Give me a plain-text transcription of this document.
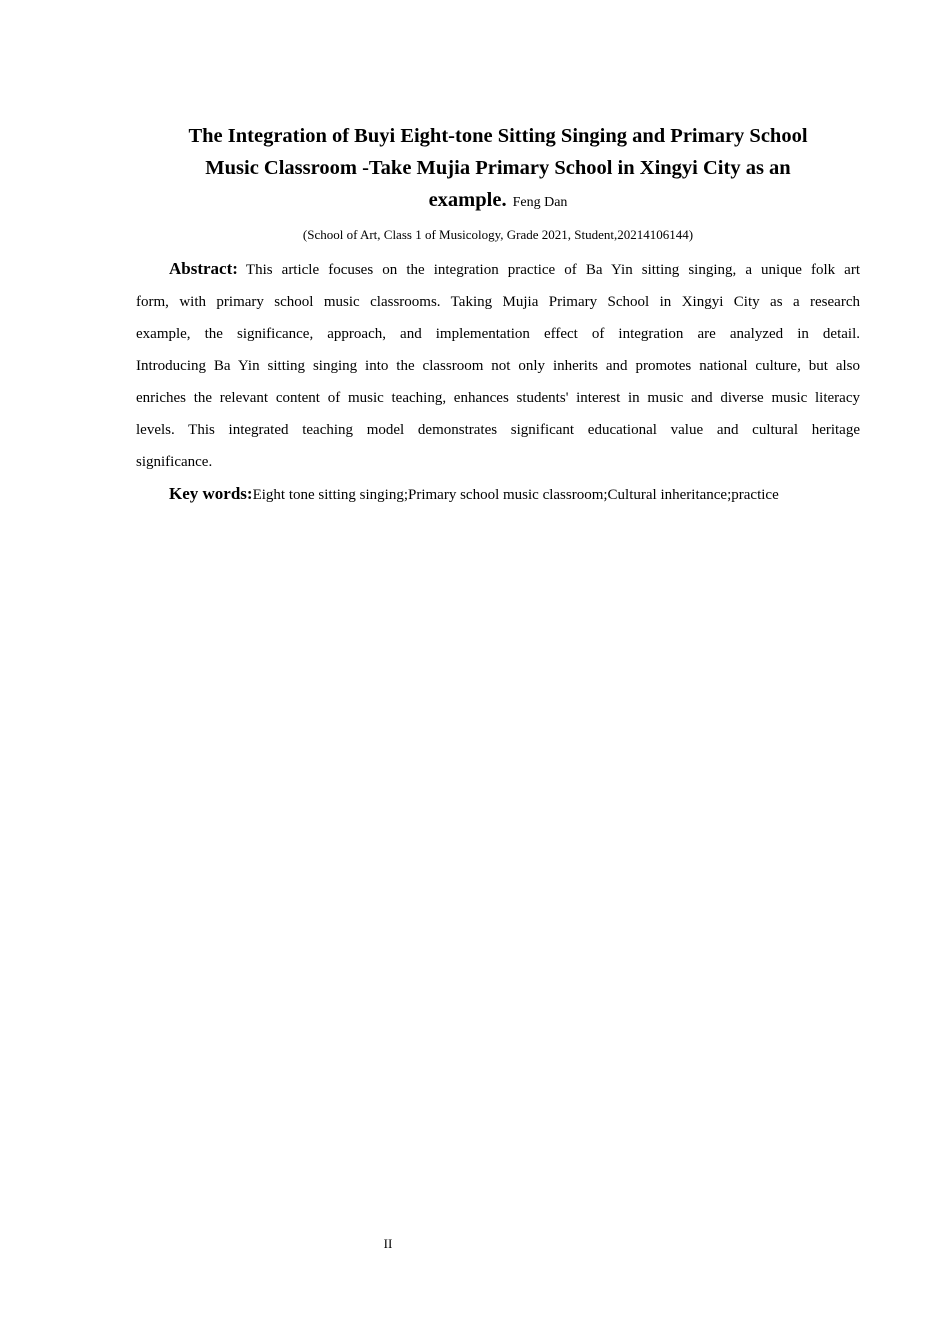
The Integration of Buyi Eight-tone Sitting Singing and Primary School
Music Classroom -Take Mujia Primary School in Xingyi City as an
example. Feng Dan
(School of Art, Class 1 of Musicology, Grade 2021, Student,20214106144)
Abstract: This article focuses on the integration practice of Ba Yin sitting singing, a unique folk art
form, with primary school music classrooms. Taking Mujia Primary School in Xingyi City as a research
example, the significance, approach, and implementation effect of integration are analyzed in detail.
Introducing Ba Yin sitting singing into the classroom not only inherits and promotes national culture, but also
enriches the relevant content of music teaching, enhances students' interest in music and diverse music literacy
levels. This integrated teaching model demonstrates significant educational value and cultural heritage
significance.
Key words:Eight tone sitting singing;Primary school music classroom;Cultural inheritance;practice
II
